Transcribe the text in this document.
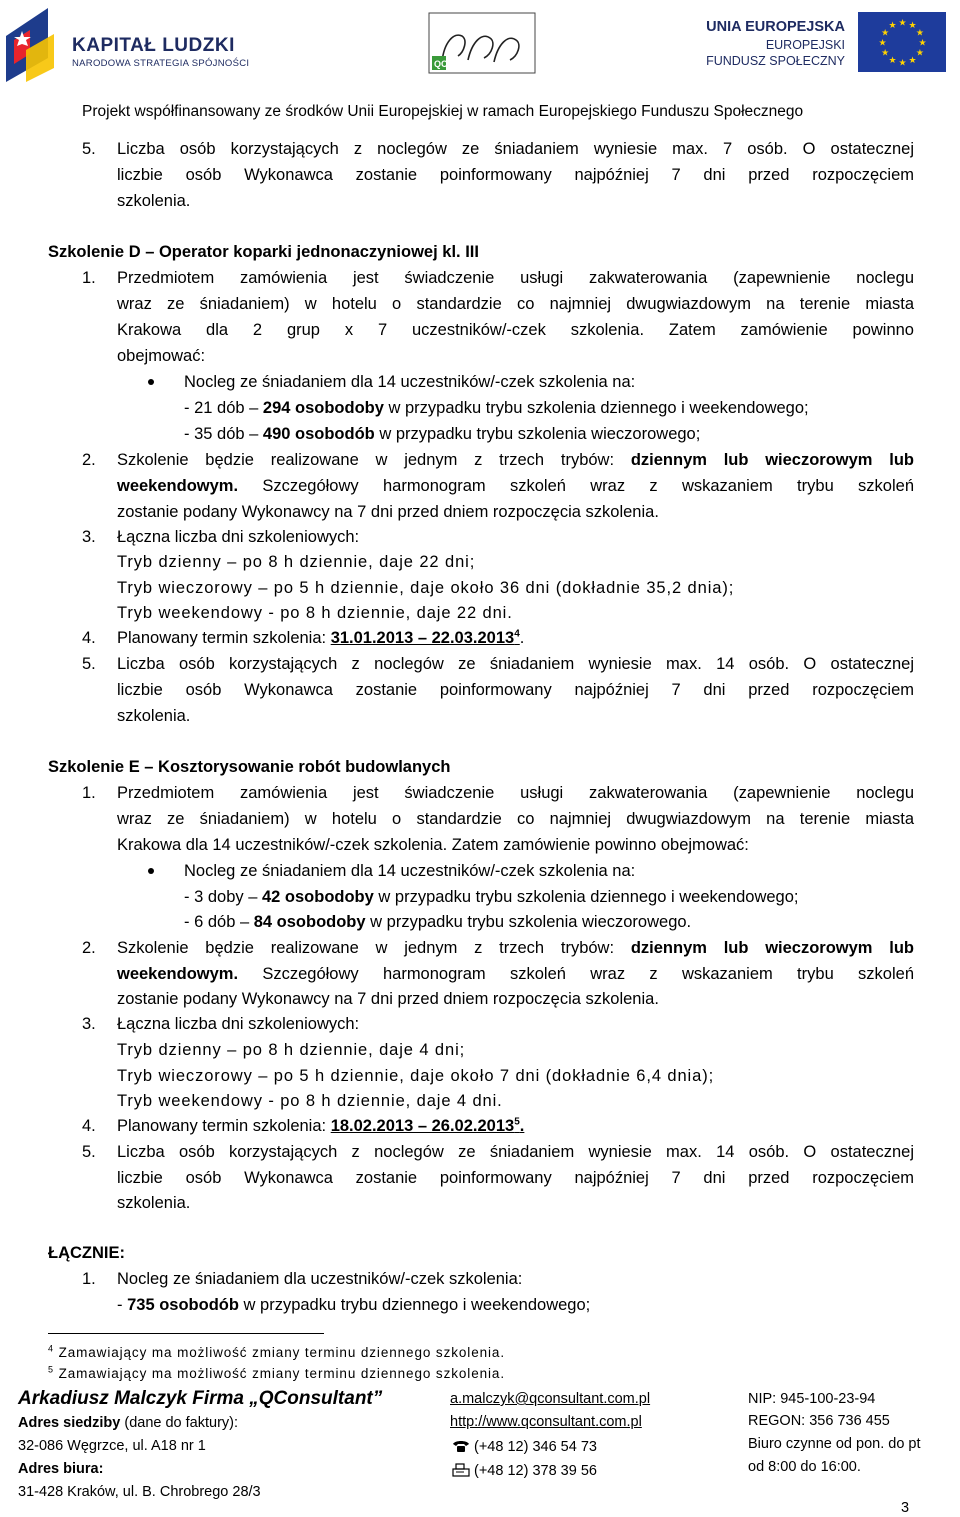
KAPITAŁ LUDZKI
NARODOWA STRATEGIA SPÓJNOŚCI	QC
UNIA EUROPEJSKA
EUROPEJSKI
FUNDUSZ SPOŁECZNY
★
★
★
★
★
★
★
★
★ ★ ★
★
Projekt współfinansowany ze środków Unii Europejskiej w ramach Europejskiego Funduszu Społecznego
5. Liczba osób korzystających z noclegów ze śniadaniem wyniesie max. 7 osób. O ostatecznej
liczbie osób Wykonawca zostanie poinformowany najpóźniej 7 dni przed rozpoczęciem
szkolenia.
Szkolenie D – Operator koparki jednonaczyniowej kl. III
1. Przedmiotem zamówienia jest świadczenie usługi zakwaterowania (zapewnienie noclegu
wraz ze śniadaniem) w hotelu o standardzie co najmniej dwugwiazdowym na terenie miasta
Krakowa dla 2 grup x 7 uczestników/-czek szkolenia. Zatem zamówienie powinno
obejmować:
Nocleg ze śniadaniem dla 14 uczestników/-czek szkolenia na:
- 21 dób – 294 osobodoby w przypadku trybu szkolenia dziennego i weekendowego;
- 35 dób – 490 osobodób w przypadku trybu szkolenia wieczorowego;
2. Szkolenie będzie realizowane w jednym z trzech trybów: dziennym lub wieczorowym lub
weekendowym. Szczegółowy harmonogram szkoleń wraz z wskazaniem trybu szkoleń
zostanie podany Wykonawcy na 7 dni przed dniem rozpoczęcia szkolenia.
3. Łączna liczba dni szkoleniowych:
Tryb dzienny – po 8 h dziennie, daje 22 dni;
Tryb wieczorowy – po 5 h dziennie, daje około 36 dni (dokładnie 35,2 dnia);
Tryb weekendowy - po 8 h dziennie, daje 22 dni.
4. Planowany termin szkolenia: 31.01.2013 – 22.03.2013$^4$.
5. Liczba osób korzystających z noclegów ze śniadaniem wyniesie max. 14 osób. O ostatecznej
liczbie osób Wykonawca zostanie poinformowany najpóźniej 7 dni przed rozpoczęciem
szkolenia.
Szkolenie E – Kosztorysowanie robót budowlanych
1. Przedmiotem zamówienia jest świadczenie usługi zakwaterowania (zapewnienie noclegu
wraz ze śniadaniem) w hotelu o standardzie co najmniej dwugwiazdowym na terenie miasta
Krakowa dla 14 uczestników/-czek szkolenia. Zatem zamówienie powinno obejmować:
Nocleg ze śniadaniem dla 14 uczestników/-czek szkolenia na:
- 3 doby – 42 osobodoby w przypadku trybu szkolenia dziennego i weekendowego;
- 6 dób – 84 osobodoby w przypadku trybu szkolenia wieczorowego.
2. Szkolenie będzie realizowane w jednym z trzech trybów: dziennym lub wieczorowym lub
weekendowym. Szczegółowy harmonogram szkoleń wraz z wskazaniem trybu szkoleń
zostanie podany Wykonawcy na 7 dni przed dniem rozpoczęcia szkolenia.
3. Łączna liczba dni szkoleniowych:
Tryb dzienny – po 8 h dziennie, daje 4 dni;
Tryb wieczorowy – po 5 h dziennie, daje około 7 dni (dokładnie 6,4 dnia);
Tryb weekendowy - po 8 h dziennie, daje 4 dni.
4. Planowany termin szkolenia: 18.02.2013 – 26.02.2013$^5$.
5. Liczba osób korzystających z noclegów ze śniadaniem wyniesie max. 14 osób. O ostatecznej
liczbie osób Wykonawca zostanie poinformowany najpóźniej 7 dni przed rozpoczęciem
szkolenia.
ŁĄCZNIE:
1. Nocleg ze śniadaniem dla uczestników/-czek szkolenia:
- 735 osobodób w przypadku trybu dziennego i weekendowego;
$^4$ Zamawiający ma możliwość zmiany terminu dziennego szkolenia.
$^5$ Zamawiający ma możliwość zmiany terminu dziennego szkolenia.
Arkadiusz Malczyk Firma „QConsultant”
Adres siedziby (dane do faktury):
32-086 Węgrzce, ul. A18 nr 1
Adres biura:
31-428 Kraków, ul. B. Chrobrego 28/3
a.malczyk@qconsultant.com.pl
http://www.qconsultant.com.pl
(+48 12) 346 54 73
(+48 12) 378 39 56
NIP: 945-100-23-94
REGON: 356 736 455
Biuro czynne od pon. do pt
od 8:00 do 16:00.
3
